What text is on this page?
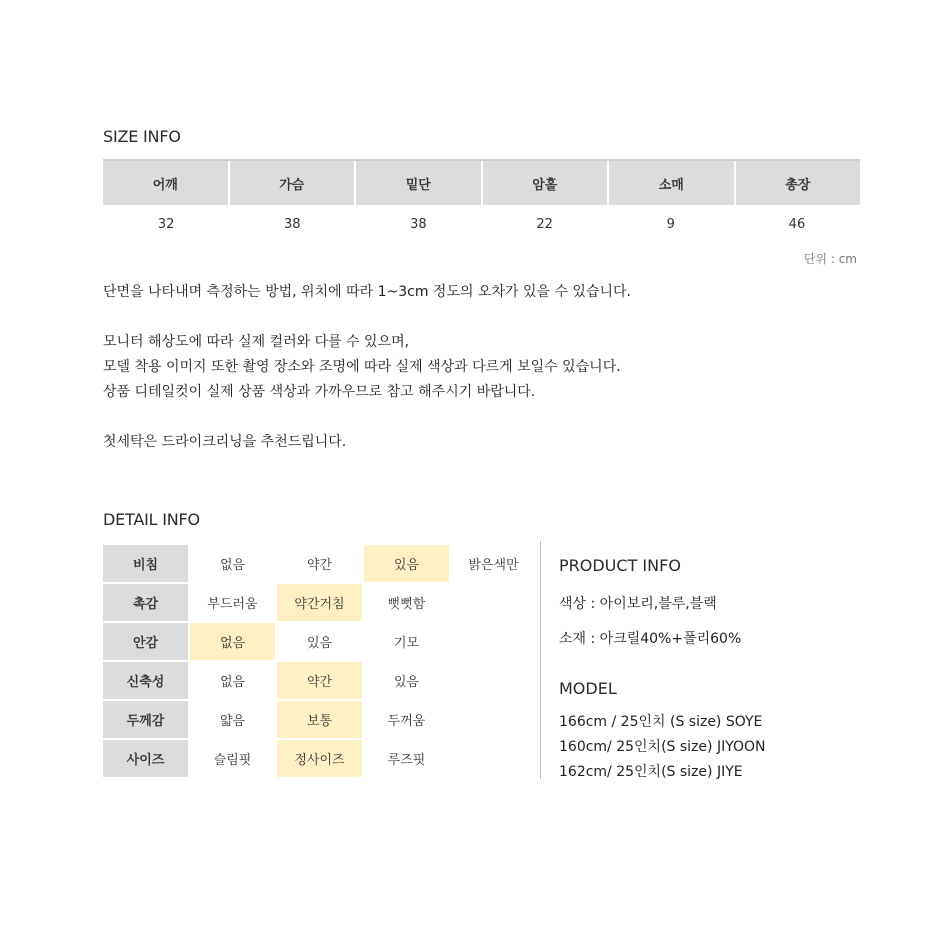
SIZE INFO
어깨	가슴	밑단	암홀	소매	총장
32	38	38	22	9	46
단위 : cm
단면을 나타내며 측정하는 방법, 위치에 따라 1~3cm 정도의 오차가 있을 수 있습니다.
모니터 해상도에 따라 실제 컬러와 다를 수 있으며,
모델 착용 이미지 또한 촬영 장소와 조명에 따라 실제 색상과 다르게 보일수 있습니다.
상품 디테일컷이 실제 상품 색상과 가까우므로 참고 해주시기 바랍니다.
첫세탁은 드라이크리닝을 추천드립니다.
DETAIL INFO
비침	없음	약간	있음	밝은색만
촉감	부드러움	약간거침	뻣뻣함
안감	없음	있음	기모
신축성	없음	약간	있음
두께감	얇음	보통	두꺼움
사이즈	슬림핏	정사이즈	루즈핏
PRODUCT INFO
색상 : 아이보리,블루,블랙
소재 : 아크릴40%+폴리60%
MODEL
166cm / 25인치 (S size) SOYE
160cm/ 25인치(S size) JIYOON
162cm/ 25인치(S size) JIYE
